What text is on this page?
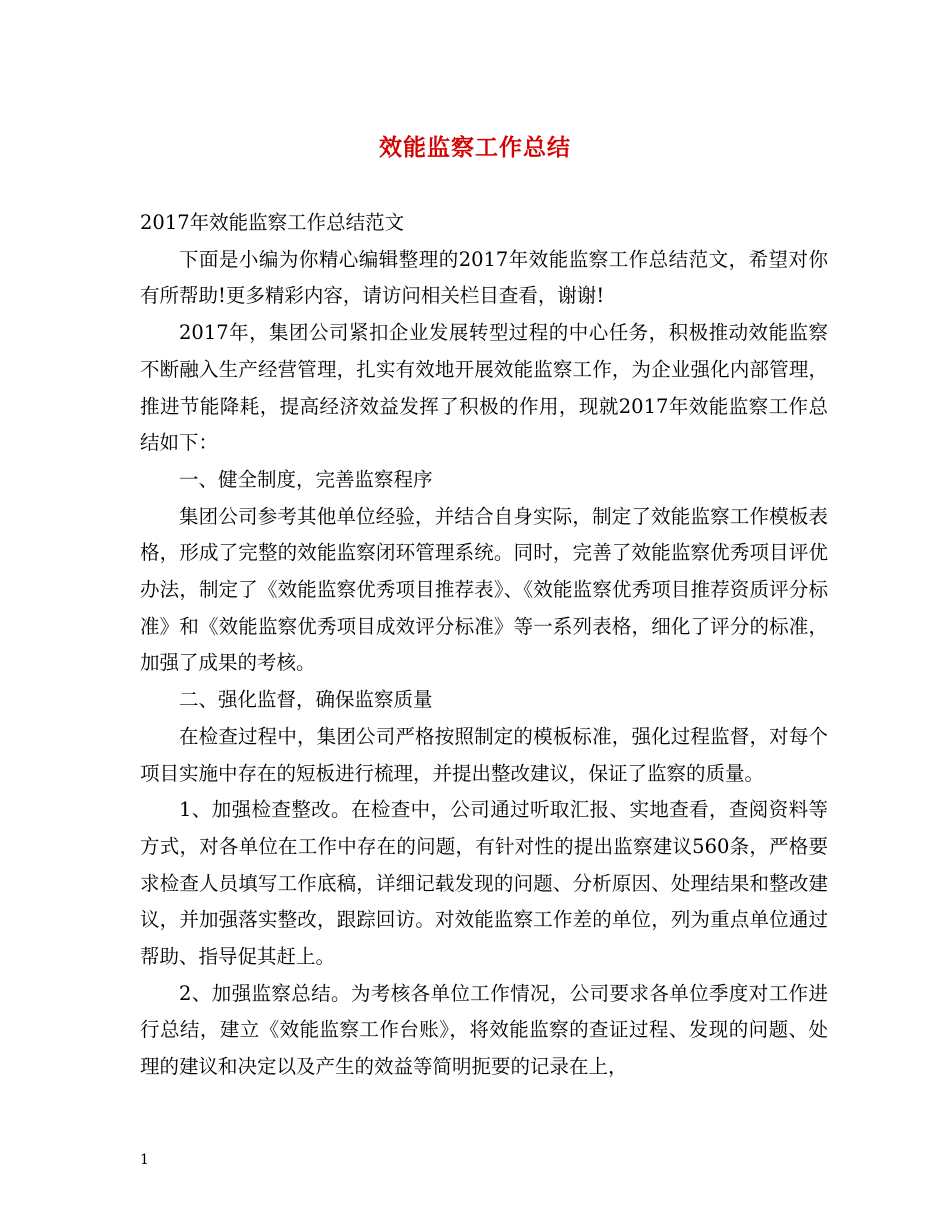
效能监察工作总结

2017年效能监察工作总结范文

下面是小编为你精心编辑整理的2017年效能监察工作总结范文，希望对你有所帮助!更多精彩内容，请访问相关栏目查看，谢谢!

2017年，集团公司紧扣企业发展转型过程的中心任务，积极推动效能监察不断融入生产经营管理，扎实有效地开展效能监察工作，为企业强化内部管理，推进节能降耗，提高经济效益发挥了积极的作用，现就2017年效能监察工作总结如下：

一、健全制度，完善监察程序

集团公司参考其他单位经验，并结合自身实际，制定了效能监察工作模板表格，形成了完整的效能监察闭环管理系统。同时，完善了效能监察优秀项目评优办法，制定了《效能监察优秀项目推荐表》、《效能监察优秀项目推荐资质评分标准》和《效能监察优秀项目成效评分标准》等一系列表格，细化了评分的标准，加强了成果的考核。

二、强化监督，确保监察质量

在检查过程中，集团公司严格按照制定的模板标准，强化过程监督，对每个项目实施中存在的短板进行梳理，并提出整改建议，保证了监察的质量。

1、加强检查整改。在检查中，公司通过听取汇报、实地查看，查阅资料等方式，对各单位在工作中存在的问题，有针对性的提出监察建议560条，严格要求检查人员填写工作底稿，详细记载发现的问题、分析原因、处理结果和整改建议，并加强落实整改，跟踪回访。对效能监察工作差的单位，列为重点单位通过帮助、指导促其赶上。

2、加强监察总结。为考核各单位工作情况，公司要求各单位季度对工作进行总结，建立《效能监察工作台账》，将效能监察的查证过程、发现的问题、处理的建议和决定以及产生的效益等简明扼要的记录在上，

1
